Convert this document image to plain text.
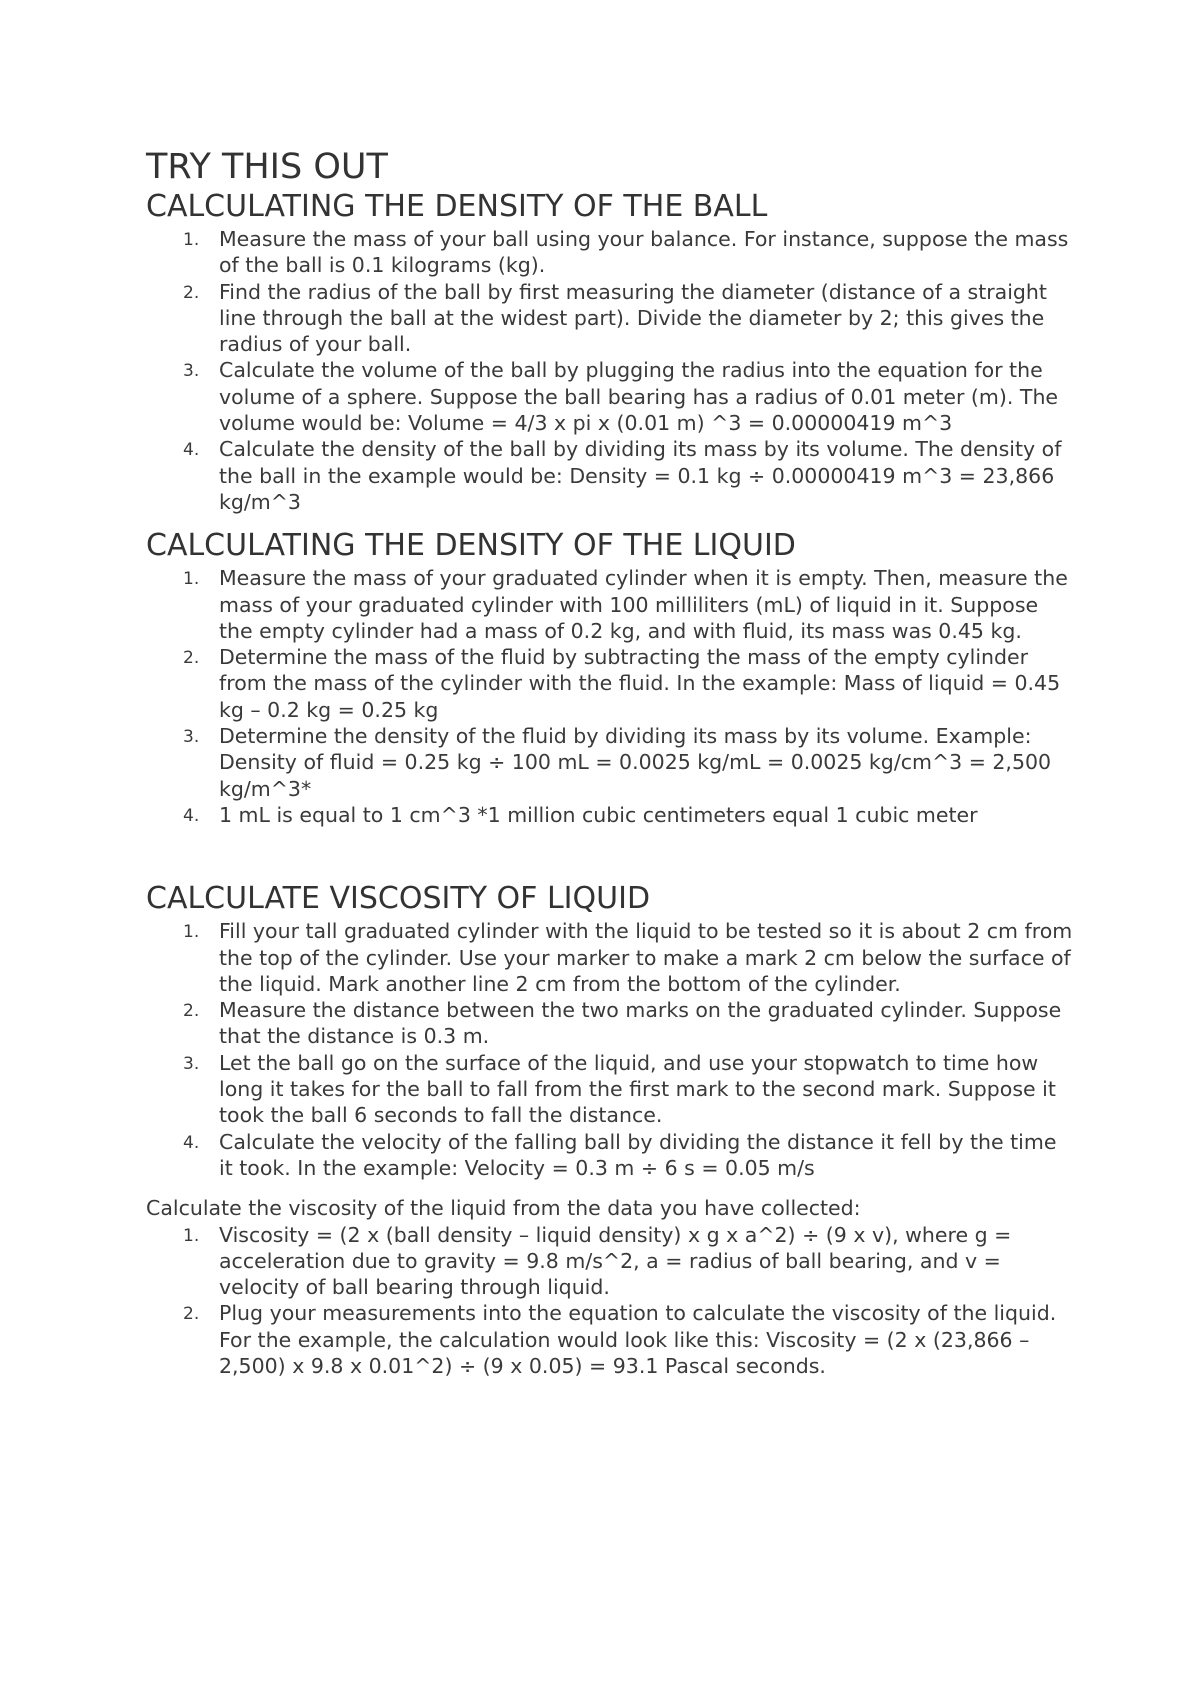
TRY THIS OUT
CALCULATING THE DENSITY OF THE BALL
1. Measure the mass of your ball using your balance. For instance, suppose the mass of the ball is 0.1 kilograms (kg).
2. Find the radius of the ball by first measuring the diameter (distance of a straight line through the ball at the widest part). Divide the diameter by 2; this gives the radius of your ball.
3. Calculate the volume of the ball by plugging the radius into the equation for the volume of a sphere. Suppose the ball bearing has a radius of 0.01 meter (m). The volume would be: Volume = 4/3 x pi x (0.01 m) ^3 = 0.00000419 m^3
4. Calculate the density of the ball by dividing its mass by its volume. The density of the ball in the example would be: Density = 0.1 kg ÷ 0.00000419 m^3 = 23,866 kg/m^3
CALCULATING THE DENSITY OF THE LIQUID
1. Measure the mass of your graduated cylinder when it is empty. Then, measure the mass of your graduated cylinder with 100 milliliters (mL) of liquid in it. Suppose the empty cylinder had a mass of 0.2 kg, and with fluid, its mass was 0.45 kg.
2. Determine the mass of the fluid by subtracting the mass of the empty cylinder from the mass of the cylinder with the fluid. In the example: Mass of liquid = 0.45 kg – 0.2 kg = 0.25 kg
3. Determine the density of the fluid by dividing its mass by its volume. Example: Density of fluid = 0.25 kg ÷ 100 mL = 0.0025 kg/mL = 0.0025 kg/cm^3 = 2,500 kg/m^3*
4. 1 mL is equal to 1 cm^3 *1 million cubic centimeters equal 1 cubic meter
CALCULATE VISCOSITY OF LIQUID
1. Fill your tall graduated cylinder with the liquid to be tested so it is about 2 cm from the top of the cylinder. Use your marker to make a mark 2 cm below the surface of the liquid. Mark another line 2 cm from the bottom of the cylinder.
2. Measure the distance between the two marks on the graduated cylinder. Suppose that the distance is 0.3 m.
3. Let the ball go on the surface of the liquid, and use your stopwatch to time how long it takes for the ball to fall from the first mark to the second mark. Suppose it took the ball 6 seconds to fall the distance.
4. Calculate the velocity of the falling ball by dividing the distance it fell by the time it took. In the example: Velocity = 0.3 m ÷ 6 s = 0.05 m/s

Calculate the viscosity of the liquid from the data you have collected:

1. Viscosity = (2 x (ball density – liquid density) x g x a^2) ÷ (9 x v), where g = acceleration due to gravity = 9.8 m/s^2, a = radius of ball bearing, and v = velocity of ball bearing through liquid.
2. Plug your measurements into the equation to calculate the viscosity of the liquid. For the example, the calculation would look like this: Viscosity = (2 x (23,866 – 2,500) x 9.8 x 0.01^2) ÷ (9 x 0.05) = 93.1 Pascal seconds.
